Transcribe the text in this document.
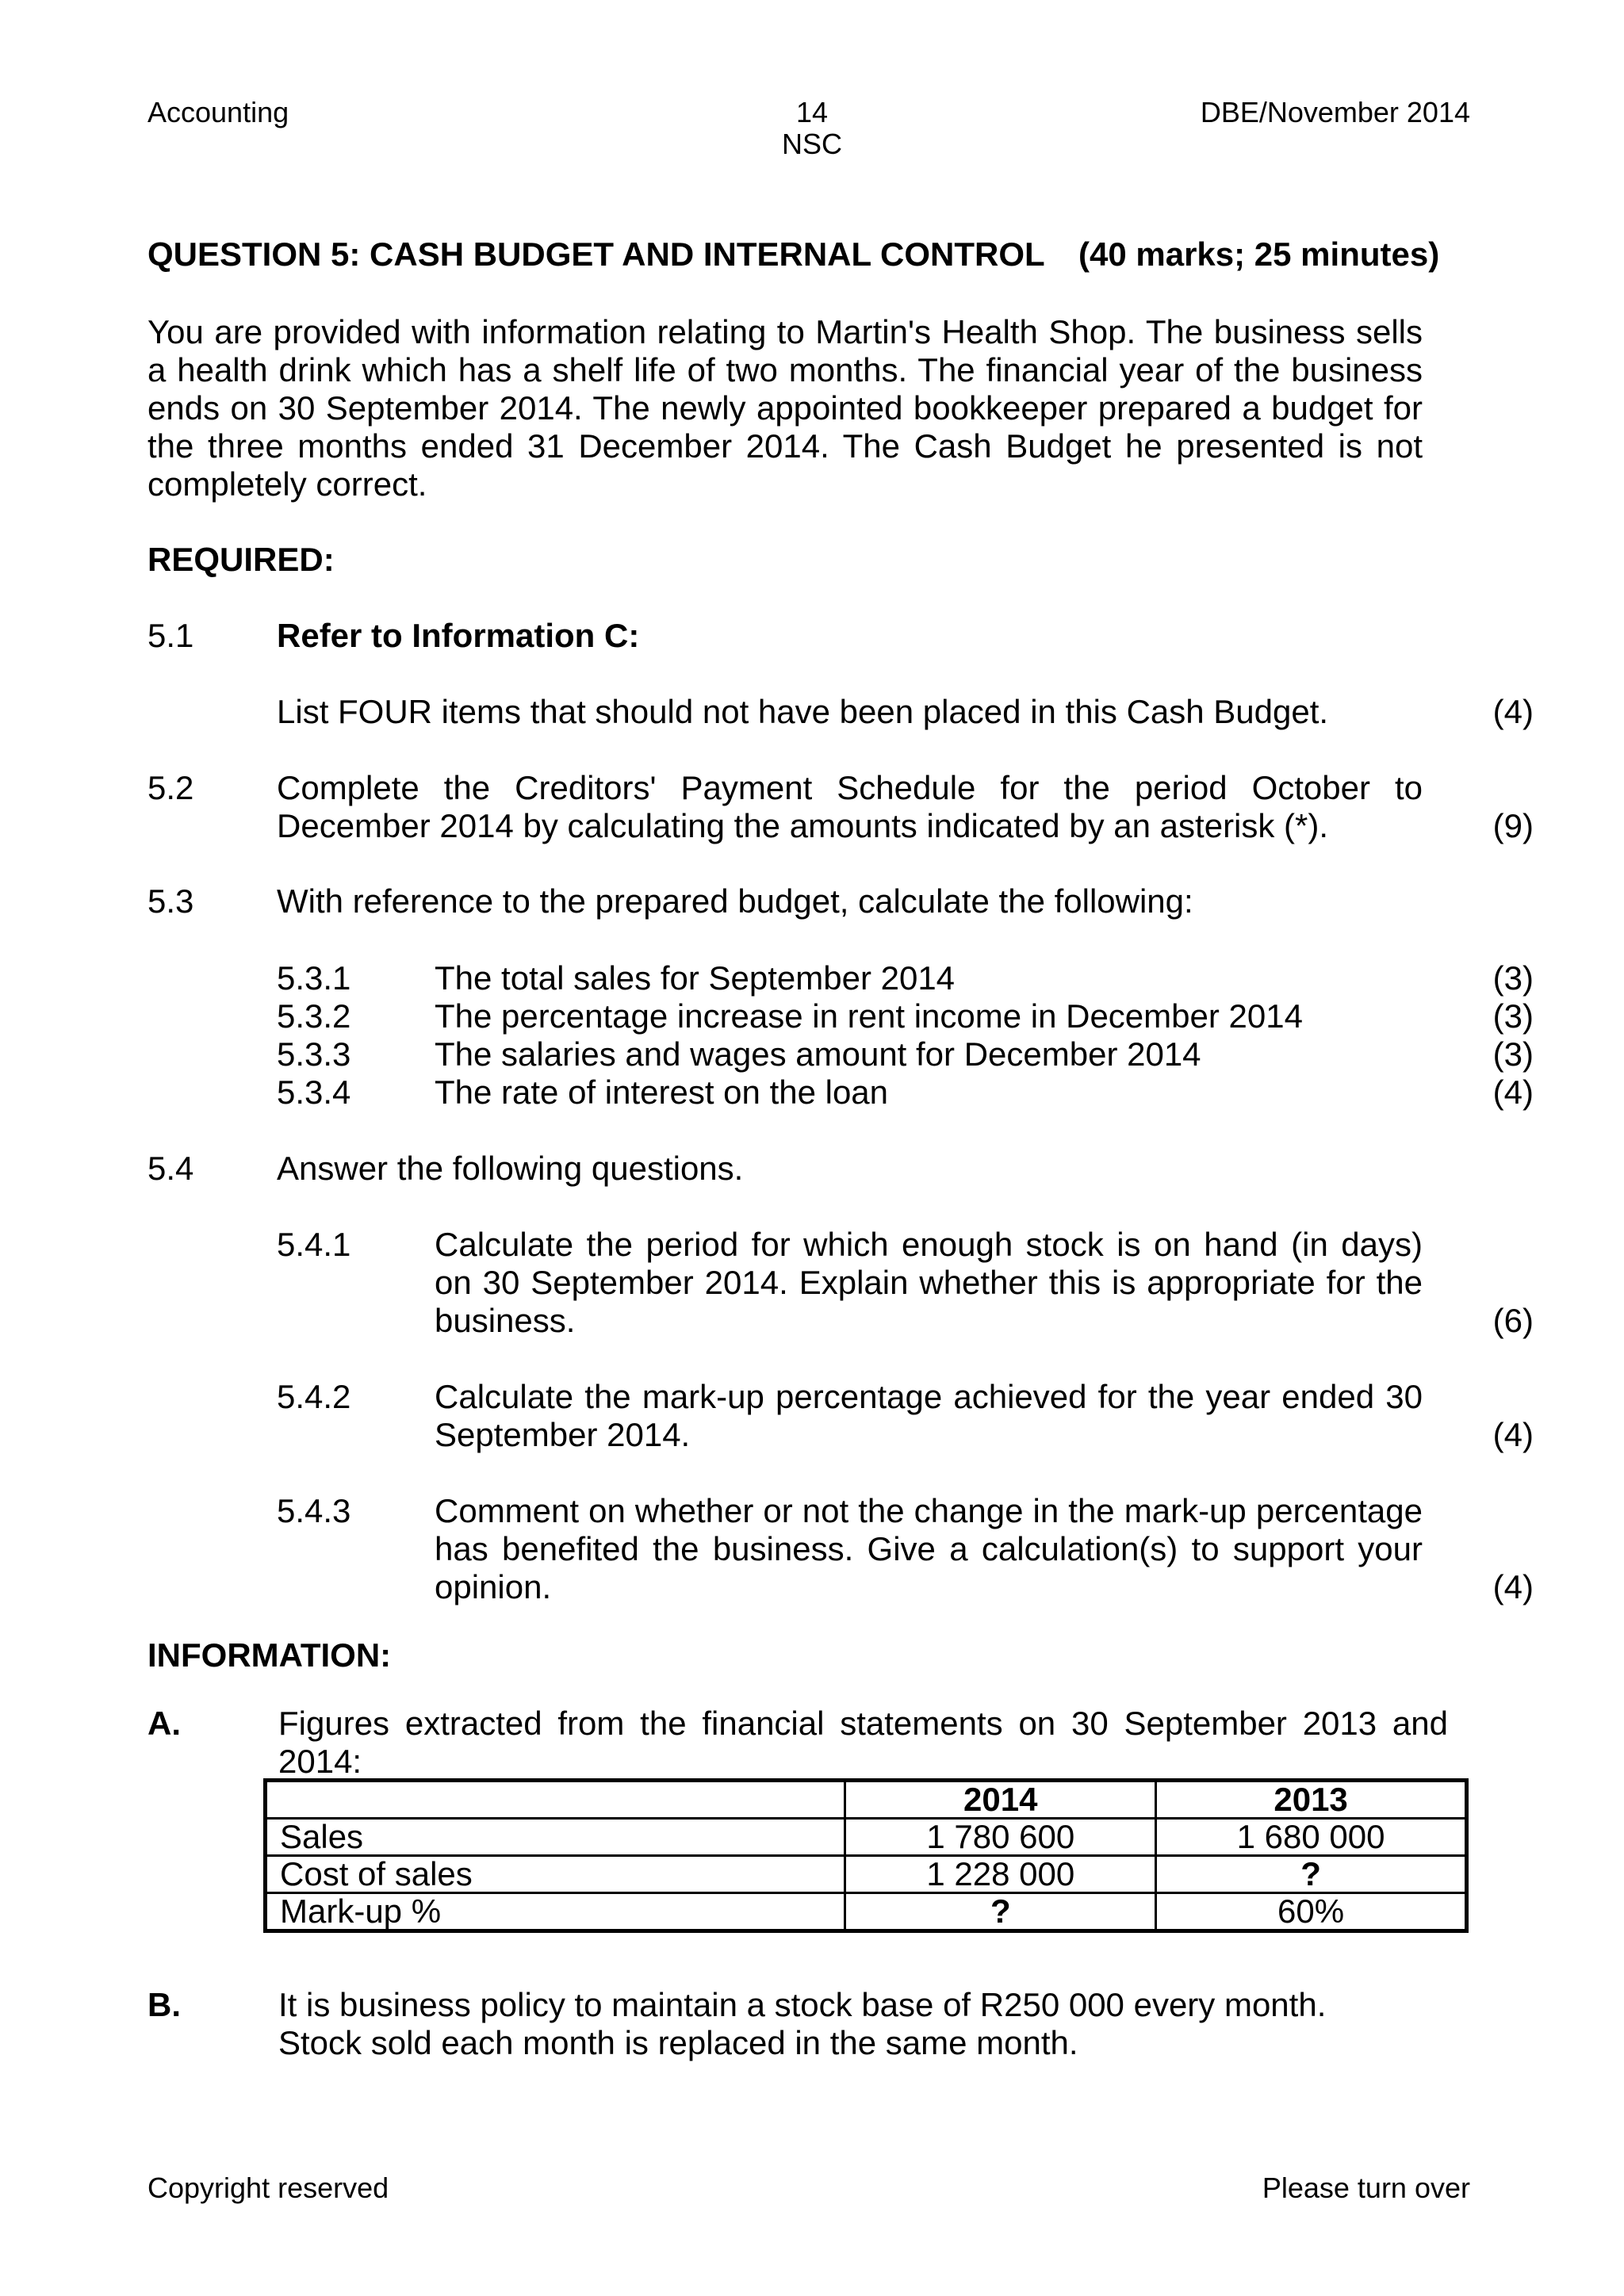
Accounting	14
NSC
DBE/November 2014
QUESTION 5: CASH BUDGET AND INTERNAL CONTROL (40 marks; 25 minutes)
You are provided with information relating to Martin's Health Shop. The business sells a health drink which has a shelf life of two months. The financial year of the business ends on 30 September 2014. The newly appointed bookkeeper prepared a budget for the three months ended 31 December 2014. The Cash Budget he presented is not completely correct.
REQUIRED:
5.1 Refer to Information C:
List FOUR items that should not have been placed in this Cash Budget.	(4)
5.2 Complete the Creditors' Payment Schedule for the period October to December 2014 by calculating the amounts indicated by an asterisk (*).	(9)
5.3 With reference to the prepared budget, calculate the following:
5.3.1	The total sales for September 2014	(3)
5.3.2	The percentage increase in rent income in December 2014	(3)
5.3.3	The salaries and wages amount for December 2014	(3)
5.3.4	The rate of interest on the loan	(4)
5.4 Answer the following questions.
5.4.1	Calculate the period for which enough stock is on hand (in days) on 30 September 2014. Explain whether this is appropriate for the business.	(6)
5.4.2	Calculate the mark-up percentage achieved for the year ended 30 September 2014.	(4)
5.4.3	Comment on whether or not the change in the mark-up percentage has benefited the business. Give a calculation(s) to support your opinion.	(4)
INFORMATION:
A.	Figures extracted from the financial statements on 30 September 2013 and 2014:
	2014	2013
Sales	1 780 600	1 680 000
Cost of sales	1 228 000	?
Mark-up %	?	60%
B.	It is business policy to maintain a stock base of R250 000 every month.
Stock sold each month is replaced in the same month.
Copyright reserved	Please turn over
